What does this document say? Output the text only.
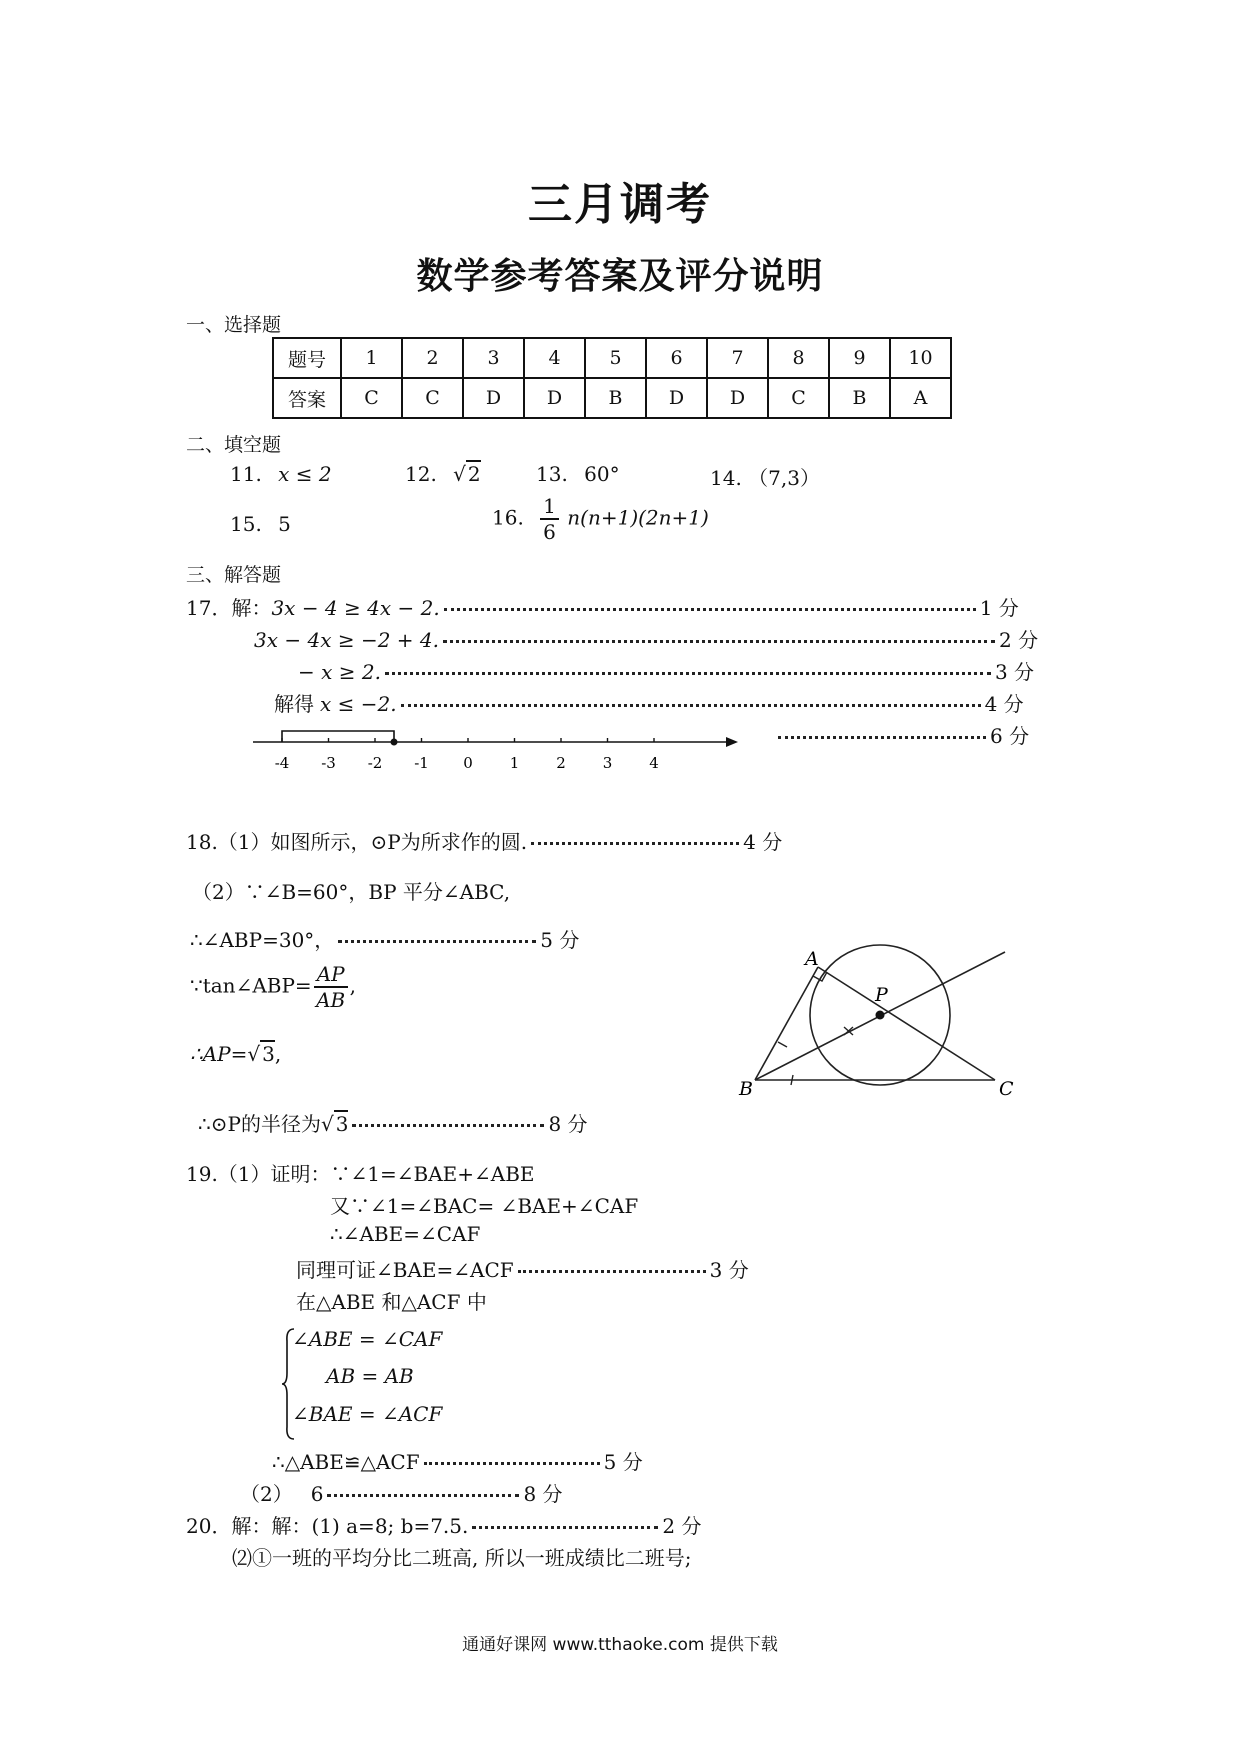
三月调考
数学参考答案及评分说明
一、选择题
题号	1	2	3	4	5	6	7	8	9	10
答案	C	C	D	D	B	D	D	C	B	A
二、填空题
11. x ≤ 2	12. √ 2	13. 60°	14. （7,3）
15. 5	16. $\frac{1}{6} n(n+1)(2n+1)$
三、解答题
17．解：3x − 4 ≥ 4x − 2.	1 分
3x − 4x ≥ −2 + 4.	2 分
− x ≥ 2.	3 分
解得 x ≤ −2.	4 分
6 分
-4 -3 -2 -1 0 1 2 3 4
18.（1）如图所示，⊙P为所求作的圆.	4 分
（2）∵∠B=60°，BP 平分∠ABC,
∴∠ABP=30°，	5 分
∵tan∠ABP= $\frac{AP}{AB}$ ,
∴AP=√ 3,
∴⊙P的半径为√ 3	8 分
A
B	C
P
19.（1）证明：∵∠1=∠BAE+∠ABE
又∵∠1=∠BAC= ∠BAE+∠CAF
∴∠ABE=∠CAF
同理可证∠BAE=∠ACF	3 分
在△ABE 和△ACF 中
∠ABE = ∠CAF
AB = AB
∠BAE = ∠ACF
∴△ABE≌△ACF	5 分
（2） 6	8 分
20．解：解：(1) a=8; b=7.5.	2 分
⑵①一班的平均分比二班高, 所以一班成绩比二班号;
通通好课网 www.tthaoke.com 提供下载
